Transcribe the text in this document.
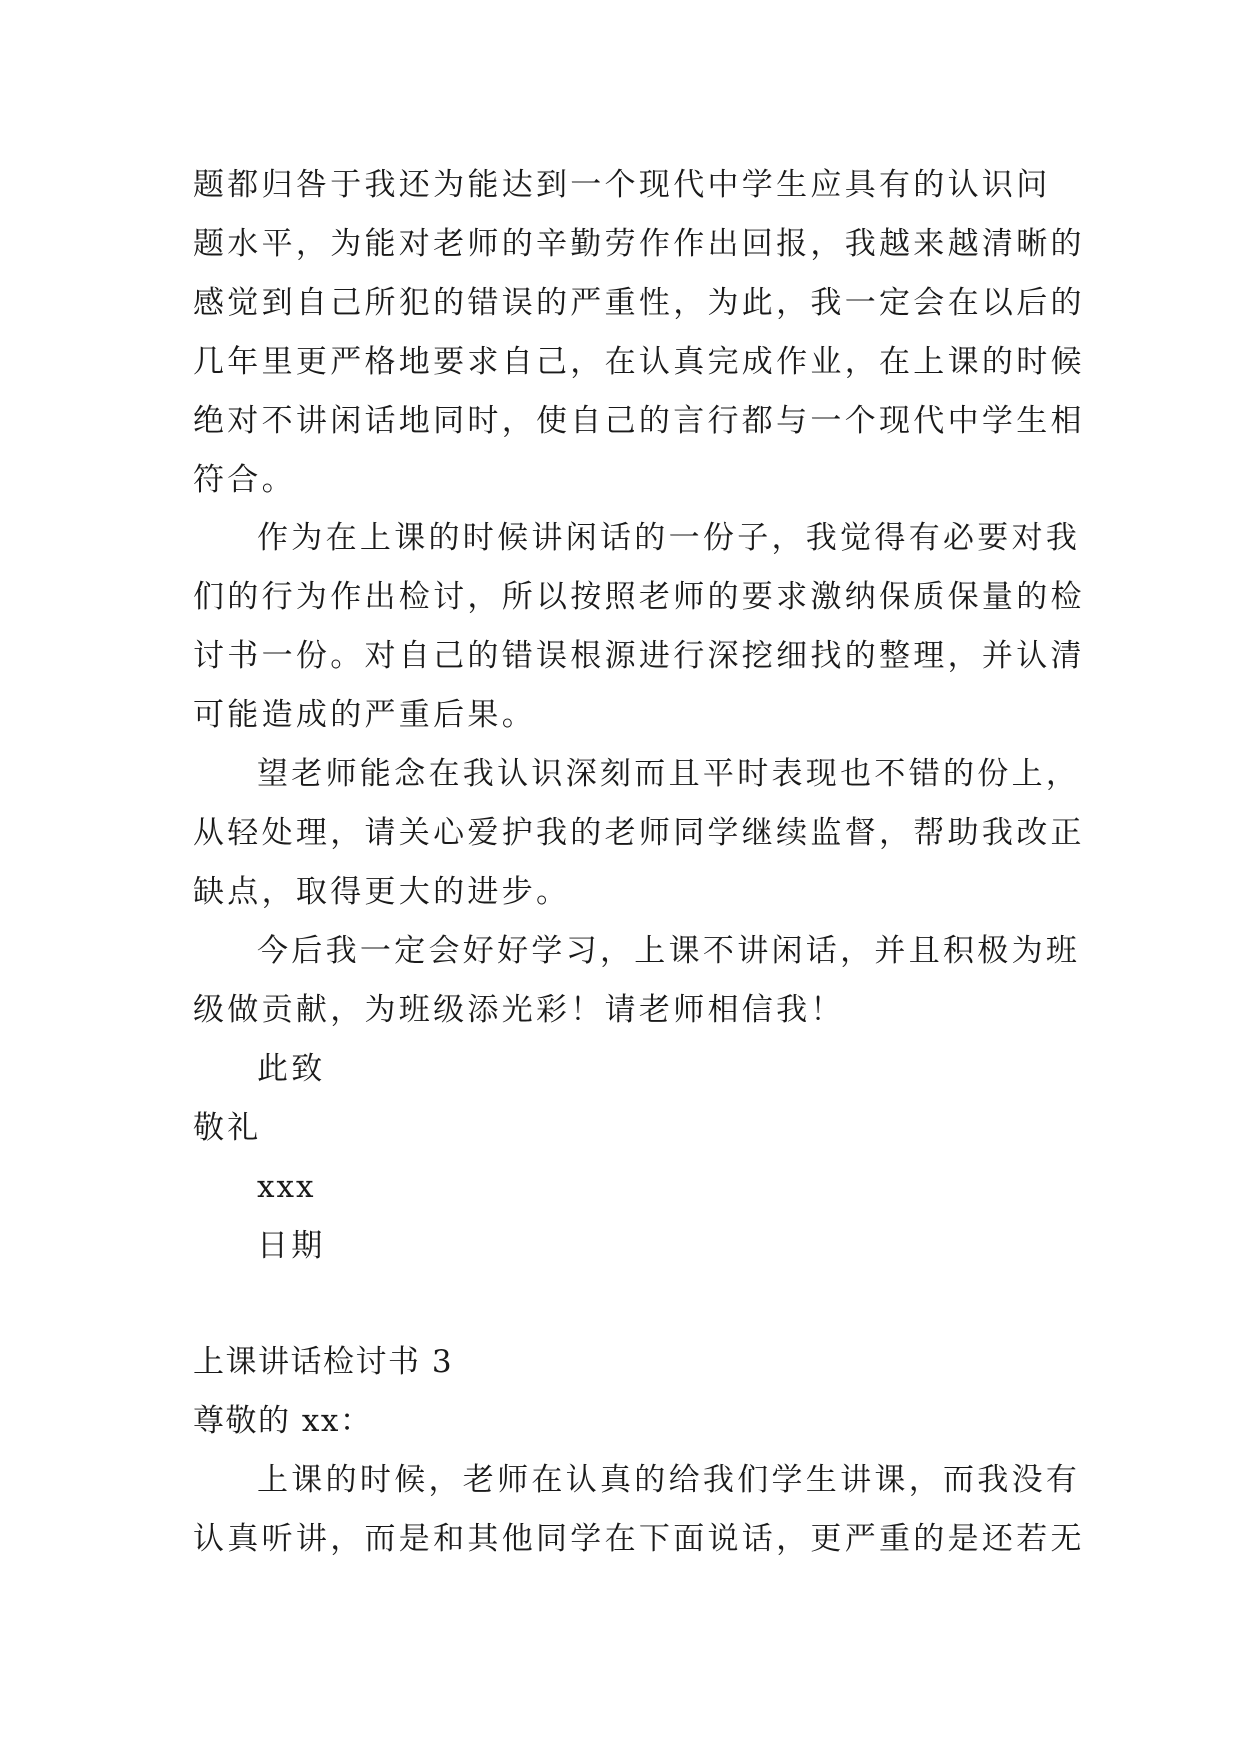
题都归咎于我还为能达到一个现代中学生应具有的认识问
题水平，为能对老师的辛勤劳作作出回报，我越来越清晰的
感觉到自己所犯的错误的严重性，为此，我一定会在以后的
几年里更严格地要求自己，在认真完成作业，在上课的时候
绝对不讲闲话地同时，使自己的言行都与一个现代中学生相
符合。
作为在上课的时候讲闲话的一份子，我觉得有必要对我
们的行为作出检讨，所以按照老师的要求激纳保质保量的检
讨书一份。对自己的错误根源进行深挖细找的整理，并认清
可能造成的严重后果。
望老师能念在我认识深刻而且平时表现也不错的份上，
从轻处理，请关心爱护我的老师同学继续监督，帮助我改正
缺点，取得更大的进步。
今后我一定会好好学习，上课不讲闲话，并且积极为班
级做贡献，为班级添光彩！请老师相信我！
此致
敬礼
xxx
日期
上课讲话检讨书 3
尊敬的 xx：
上课的时候，老师在认真的给我们学生讲课，而我没有
认真听讲，而是和其他同学在下面说话，更严重的是还若无
